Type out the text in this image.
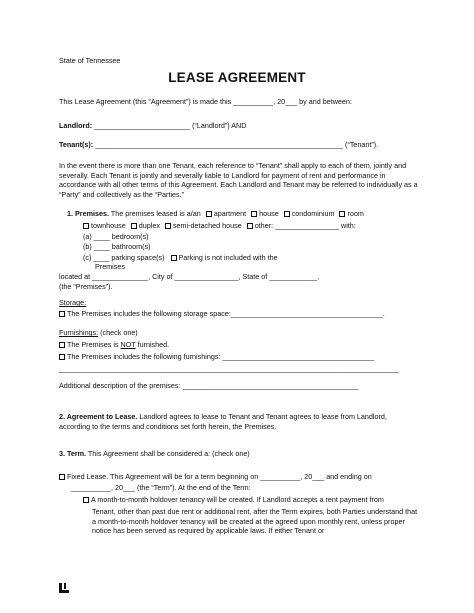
State of Tennessee
LEASE AGREEMENT
This Lease Agreement (this “Agreement”) is made this __________, 20___ by and between:
Landlord: ________________________ (“Landlord”) AND
Tenant(s): ______________________________________________________________ (“Tenant”).
In the event there is more than one Tenant, each reference to “Tenant” shall apply to each of them, jointly and severally. Each Tenant is jointly and severally liable to Landlord for payment of rent and performance in accordance with all other terms of this Agreement. Each Landlord and Tenant may be referred to individually as a “Party” and collectively as the “Parties.”
1. Premises. The premises leased is a/an apartment house condominium room
townhouse duplex semi-detached house other: ________________ with:
(a) ____ bedroom(s)
(b) ____ bathroom(s)
(c) ____ parking space(s) Parking is not included with the
Premises
located at ______________, City of ________________, State of ____________,
(the “Premises”).
Storage:
The Premises includes the following storage space:______________________________________.
Furnishings: (check one)
The Premises is NOT furnished.
The Premises includes the following furnishings: ______________________________________
_____________________________________________________________________________________
Additional description of the premises: ____________________________________________
2. Agreement to Lease. Landlord agrees to lease to Tenant and Tenant agrees to lease from Landlord, according to the terms and conditions set forth herein, the Premises.
3. Term. This Agreement shall be considered a: (check one)
Fixed Lease. This Agreement will be for a term beginning on __________, 20___ and ending on
__________, 20___ (the “Term”). At the end of the Term:
A month-to-month holdover tenancy will be created. If Landlord accepts a rent payment from
Tenant, other than past due rent or additional rent, after the Term expires, both Parties understand that a month-to-month holdover tenancy will be created at the agreed upon monthly rent, unless proper notice has been served as required by applicable laws. If either Tenant or
